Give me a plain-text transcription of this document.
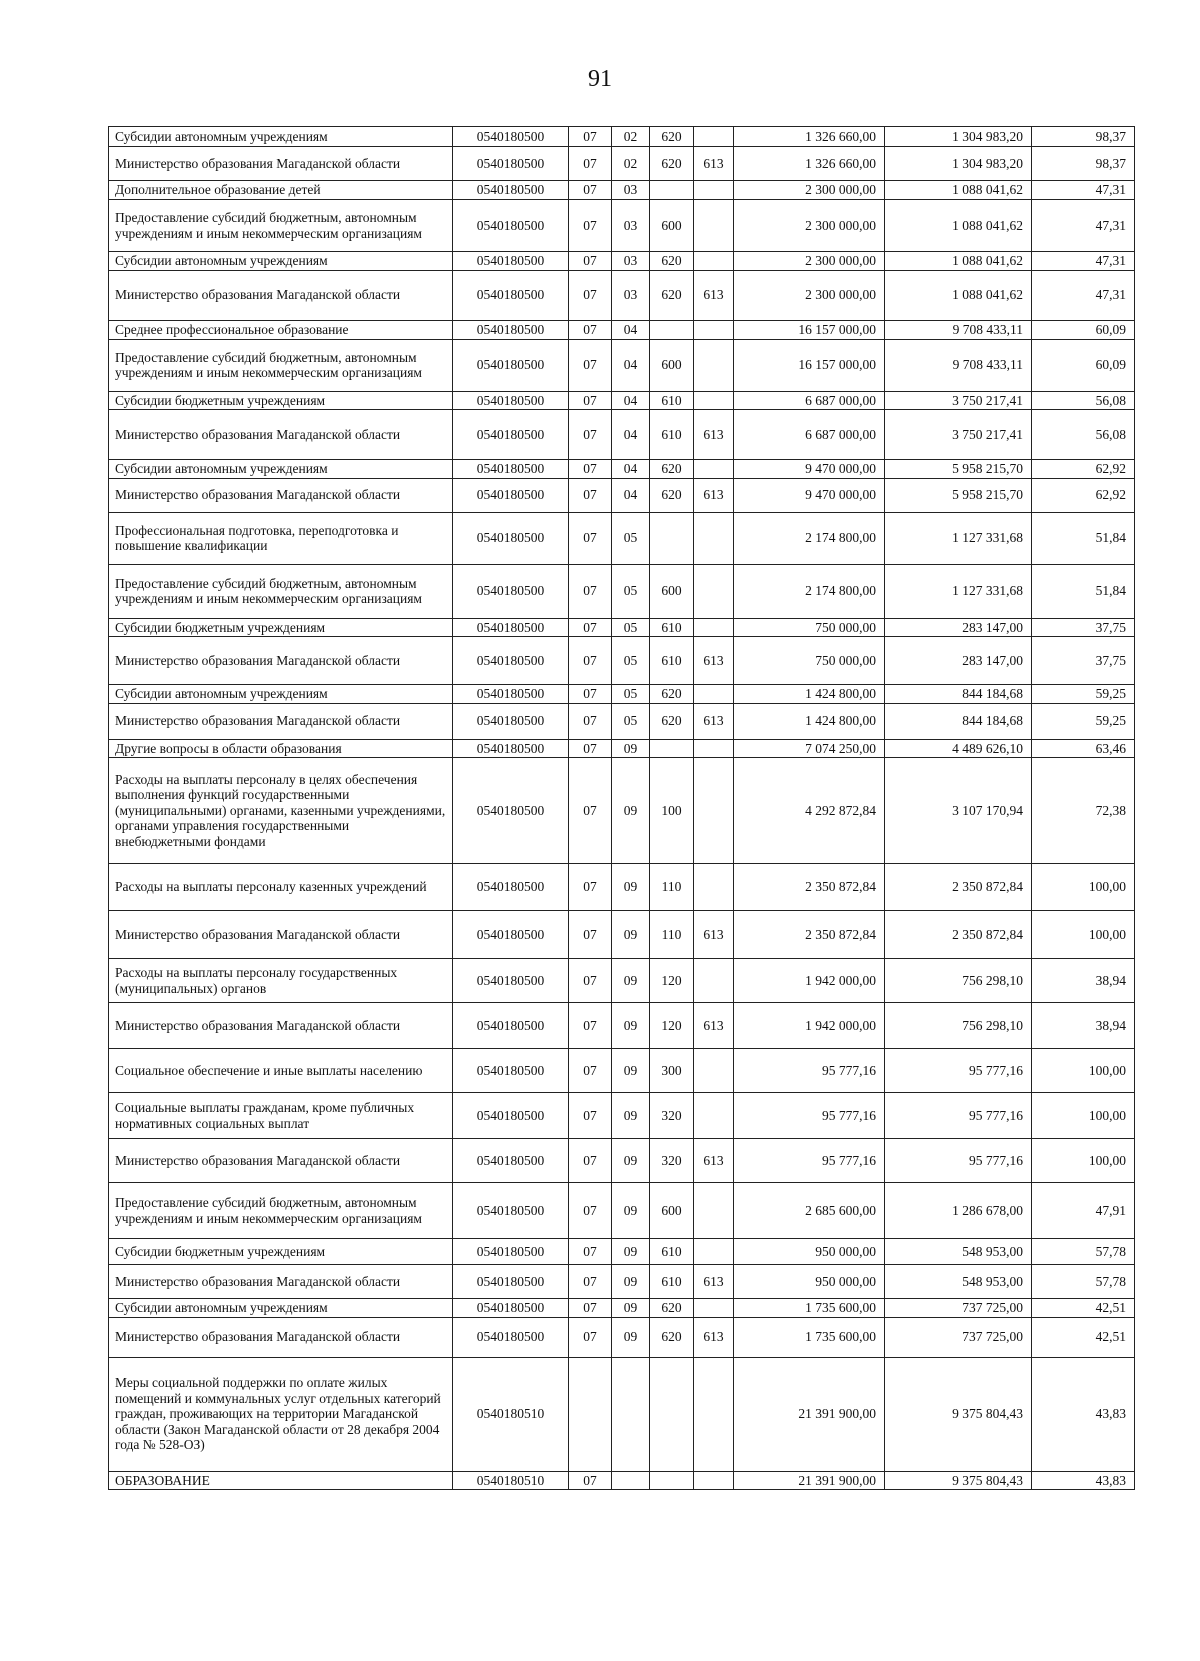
91
Субсидии автономным учреждениям	0540180500	07	02	620		1 326 660,00	1 304 983,20	98,37
Министерство образования Магаданской области	0540180500	07	02	620	613	1 326 660,00	1 304 983,20	98,37
Дополнительное образование детей	0540180500	07	03			2 300 000,00	1 088 041,62	47,31
Предоставление субсидий бюджетным, автономным учреждениям и иным некоммерческим организациям	0540180500	07	03	600		2 300 000,00	1 088 041,62	47,31
Субсидии автономным учреждениям	0540180500	07	03	620		2 300 000,00	1 088 041,62	47,31
Министерство образования Магаданской области	0540180500	07	03	620	613	2 300 000,00	1 088 041,62	47,31
Среднее профессиональное образование	0540180500	07	04			16 157 000,00	9 708 433,11	60,09
Предоставление субсидий бюджетным, автономным учреждениям и иным некоммерческим организациям	0540180500	07	04	600		16 157 000,00	9 708 433,11	60,09
Субсидии бюджетным учреждениям	0540180500	07	04	610		6 687 000,00	3 750 217,41	56,08
Министерство образования Магаданской области	0540180500	07	04	610	613	6 687 000,00	3 750 217,41	56,08
Субсидии автономным учреждениям	0540180500	07	04	620		9 470 000,00	5 958 215,70	62,92
Министерство образования Магаданской области	0540180500	07	04	620	613	9 470 000,00	5 958 215,70	62,92
Профессиональная подготовка, переподготовка и повышение квалификации	0540180500	07	05			2 174 800,00	1 127 331,68	51,84
Предоставление субсидий бюджетным, автономным учреждениям и иным некоммерческим организациям	0540180500	07	05	600		2 174 800,00	1 127 331,68	51,84
Субсидии бюджетным учреждениям	0540180500	07	05	610		750 000,00	283 147,00	37,75
Министерство образования Магаданской области	0540180500	07	05	610	613	750 000,00	283 147,00	37,75
Субсидии автономным учреждениям	0540180500	07	05	620		1 424 800,00	844 184,68	59,25
Министерство образования Магаданской области	0540180500	07	05	620	613	1 424 800,00	844 184,68	59,25
Другие вопросы в области образования	0540180500	07	09			7 074 250,00	4 489 626,10	63,46
Расходы на выплаты персоналу в целях обеспечения выполнения функций государственными (муниципальными) органами, казенными учреждениями, органами управления государственными внебюджетными фондами	0540180500	07	09	100		4 292 872,84	3 107 170,94	72,38
Расходы на выплаты персоналу казенных учреждений	0540180500	07	09	110		2 350 872,84	2 350 872,84	100,00
Министерство образования Магаданской области	0540180500	07	09	110	613	2 350 872,84	2 350 872,84	100,00
Расходы на выплаты персоналу государственных (муниципальных) органов	0540180500	07	09	120		1 942 000,00	756 298,10	38,94
Министерство образования Магаданской области	0540180500	07	09	120	613	1 942 000,00	756 298,10	38,94
Социальное обеспечение и иные выплаты населению	0540180500	07	09	300		95 777,16	95 777,16	100,00
Социальные выплаты гражданам, кроме публичных нормативных социальных выплат	0540180500	07	09	320		95 777,16	95 777,16	100,00
Министерство образования Магаданской области	0540180500	07	09	320	613	95 777,16	95 777,16	100,00
Предоставление субсидий бюджетным, автономным учреждениям и иным некоммерческим организациям	0540180500	07	09	600		2 685 600,00	1 286 678,00	47,91
Субсидии бюджетным учреждениям	0540180500	07	09	610		950 000,00	548 953,00	57,78
Министерство образования Магаданской области	0540180500	07	09	610	613	950 000,00	548 953,00	57,78
Субсидии автономным учреждениям	0540180500	07	09	620		1 735 600,00	737 725,00	42,51
Министерство образования Магаданской области	0540180500	07	09	620	613	1 735 600,00	737 725,00	42,51
Меры социальной поддержки по оплате жилых помещений и коммунальных услуг отдельных категорий граждан, проживающих на территории Магаданской области (Закон Магаданской области от 28 декабря 2004 года № 528-ОЗ)	0540180510					21 391 900,00	9 375 804,43	43,83
ОБРАЗОВАНИЕ	0540180510	07				21 391 900,00	9 375 804,43	43,83
